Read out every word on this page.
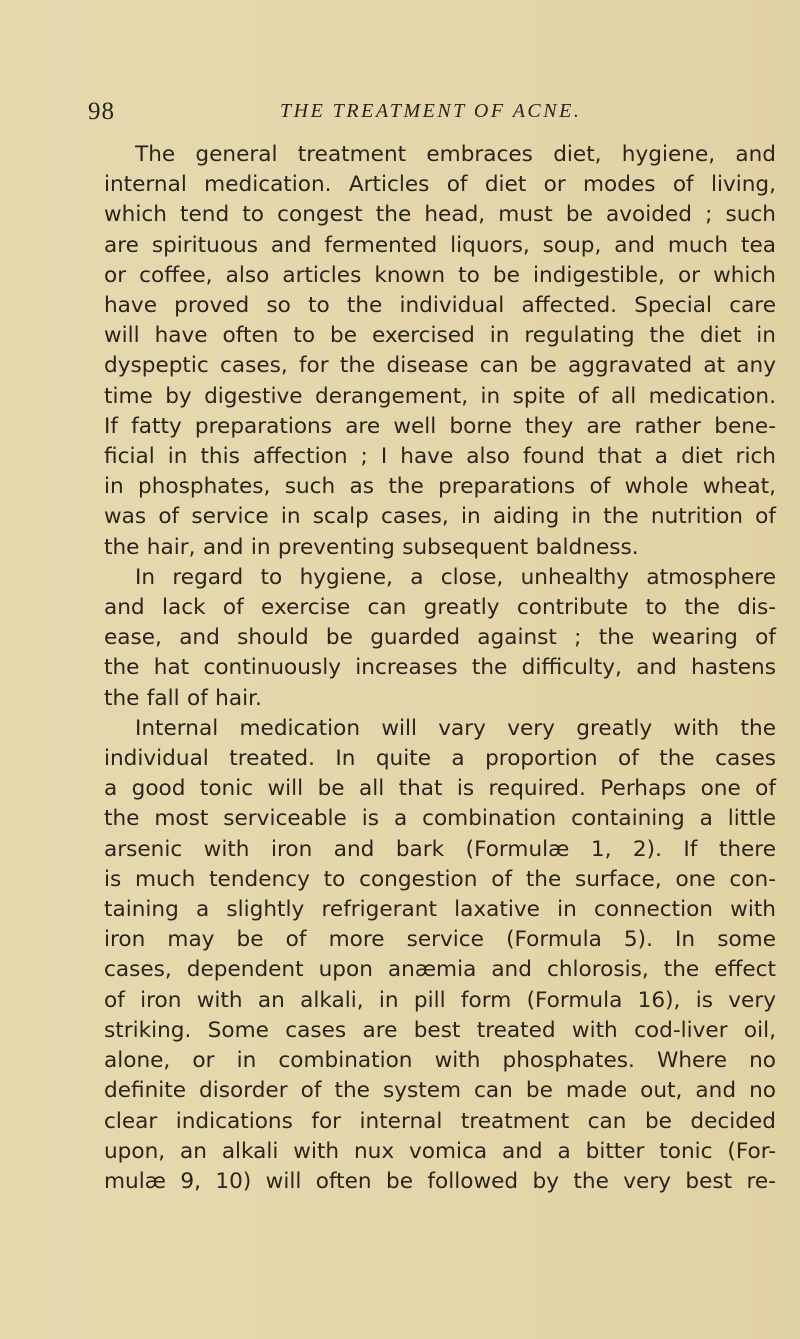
98	THE TREATMENT OF ACNE.
The general treatment embraces diet, hygiene, and
internal medication. Articles of diet or modes of living,
which tend to congest the head, must be avoided ; such
are spirituous and fermented liquors, soup, and much tea
or coffee, also articles known to be indigestible, or which
have proved so to the individual affected. Special care
will have often to be exercised in regulating the diet in
dyspeptic cases, for the disease can be aggravated at any
time by digestive derangement, in spite of all medication.
If fatty preparations are well borne they are rather bene-
ficial in this affection ; I have also found that a diet rich
in phosphates, such as the preparations of whole wheat,
was of service in scalp cases, in aiding in the nutrition of
the hair, and in preventing subsequent baldness.
In regard to hygiene, a close, unhealthy atmosphere
and lack of exercise can greatly contribute to the dis-
ease, and should be guarded against ; the wearing of
the hat continuously increases the difficulty, and hastens
the fall of hair.
Internal medication will vary very greatly with the
individual treated. In quite a proportion of the cases
a good tonic will be all that is required. Perhaps one of
the most serviceable is a combination containing a little
arsenic with iron and bark (Formulæ 1, 2). If there
is much tendency to congestion of the surface, one con-
taining a slightly refrigerant laxative in connection with
iron may be of more service (Formula 5). In some
cases, dependent upon anæmia and chlorosis, the effect
of iron with an alkali, in pill form (Formula 16), is very
striking. Some cases are best treated with cod-liver oil,
alone, or in combination with phosphates. Where no
definite disorder of the system can be made out, and no
clear indications for internal treatment can be decided
upon, an alkali with nux vomica and a bitter tonic (For-
mulæ 9, 10) will often be followed by the very best re-
